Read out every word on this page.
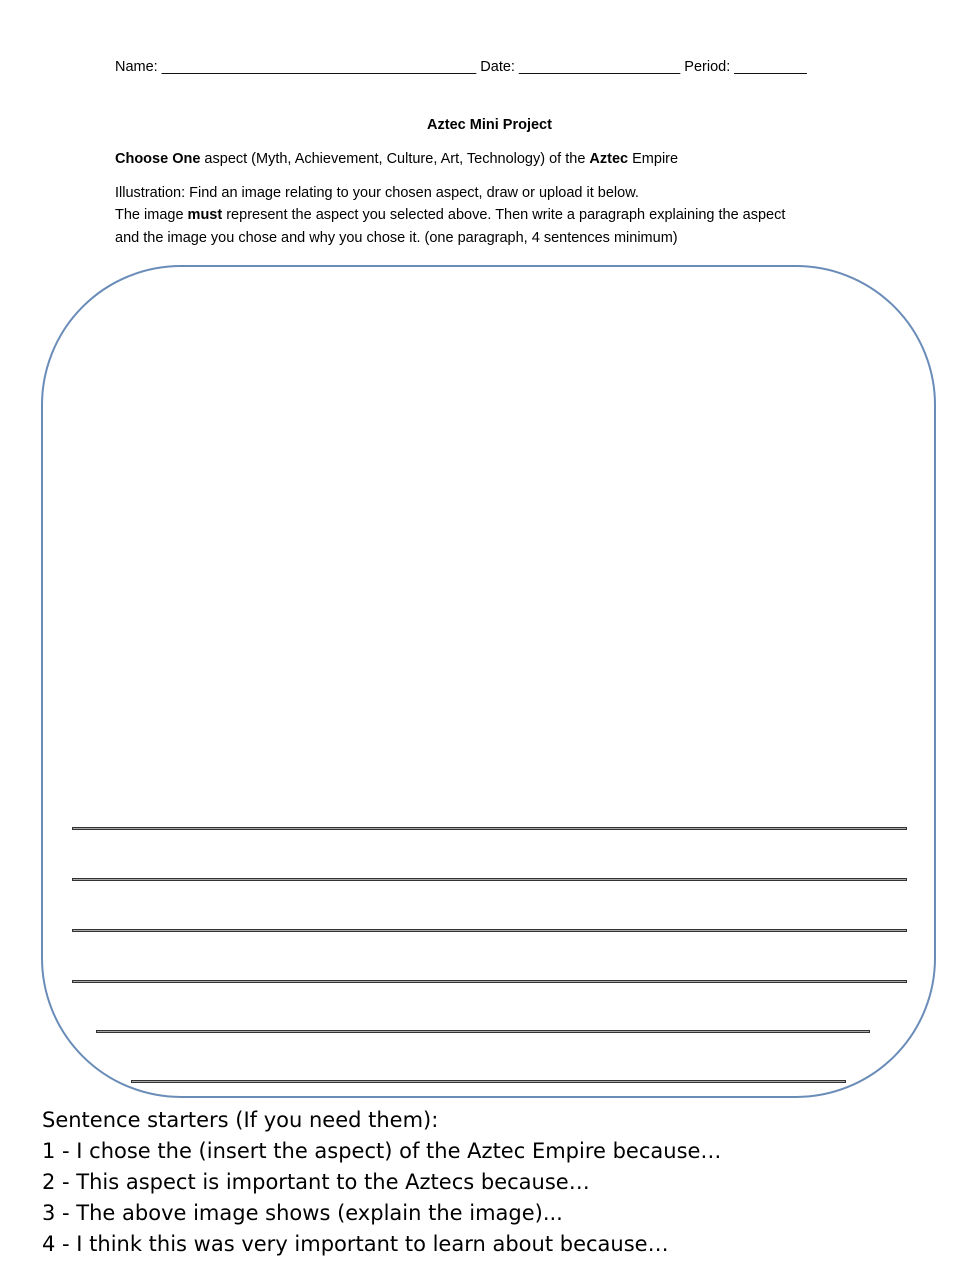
Name: _______________________________________ Date: ____________________ Period: _________
Aztec Mini Project
Choose One aspect (Myth, Achievement, Culture, Art, Technology) of the Aztec Empire
Illustration: Find an image relating to your chosen aspect, draw or upload it below.
The image must represent the aspect you selected above. Then write a paragraph explaining the aspect
and the image you chose and why you chose it. (one paragraph, 4 sentences minimum)
Sentence starters (If you need them):
1 - I chose the (insert the aspect) of the Aztec Empire because…
2 - This aspect is important to the Aztecs because…
3 - The above image shows (explain the image)...
4 - I think this was very important to learn about because…
